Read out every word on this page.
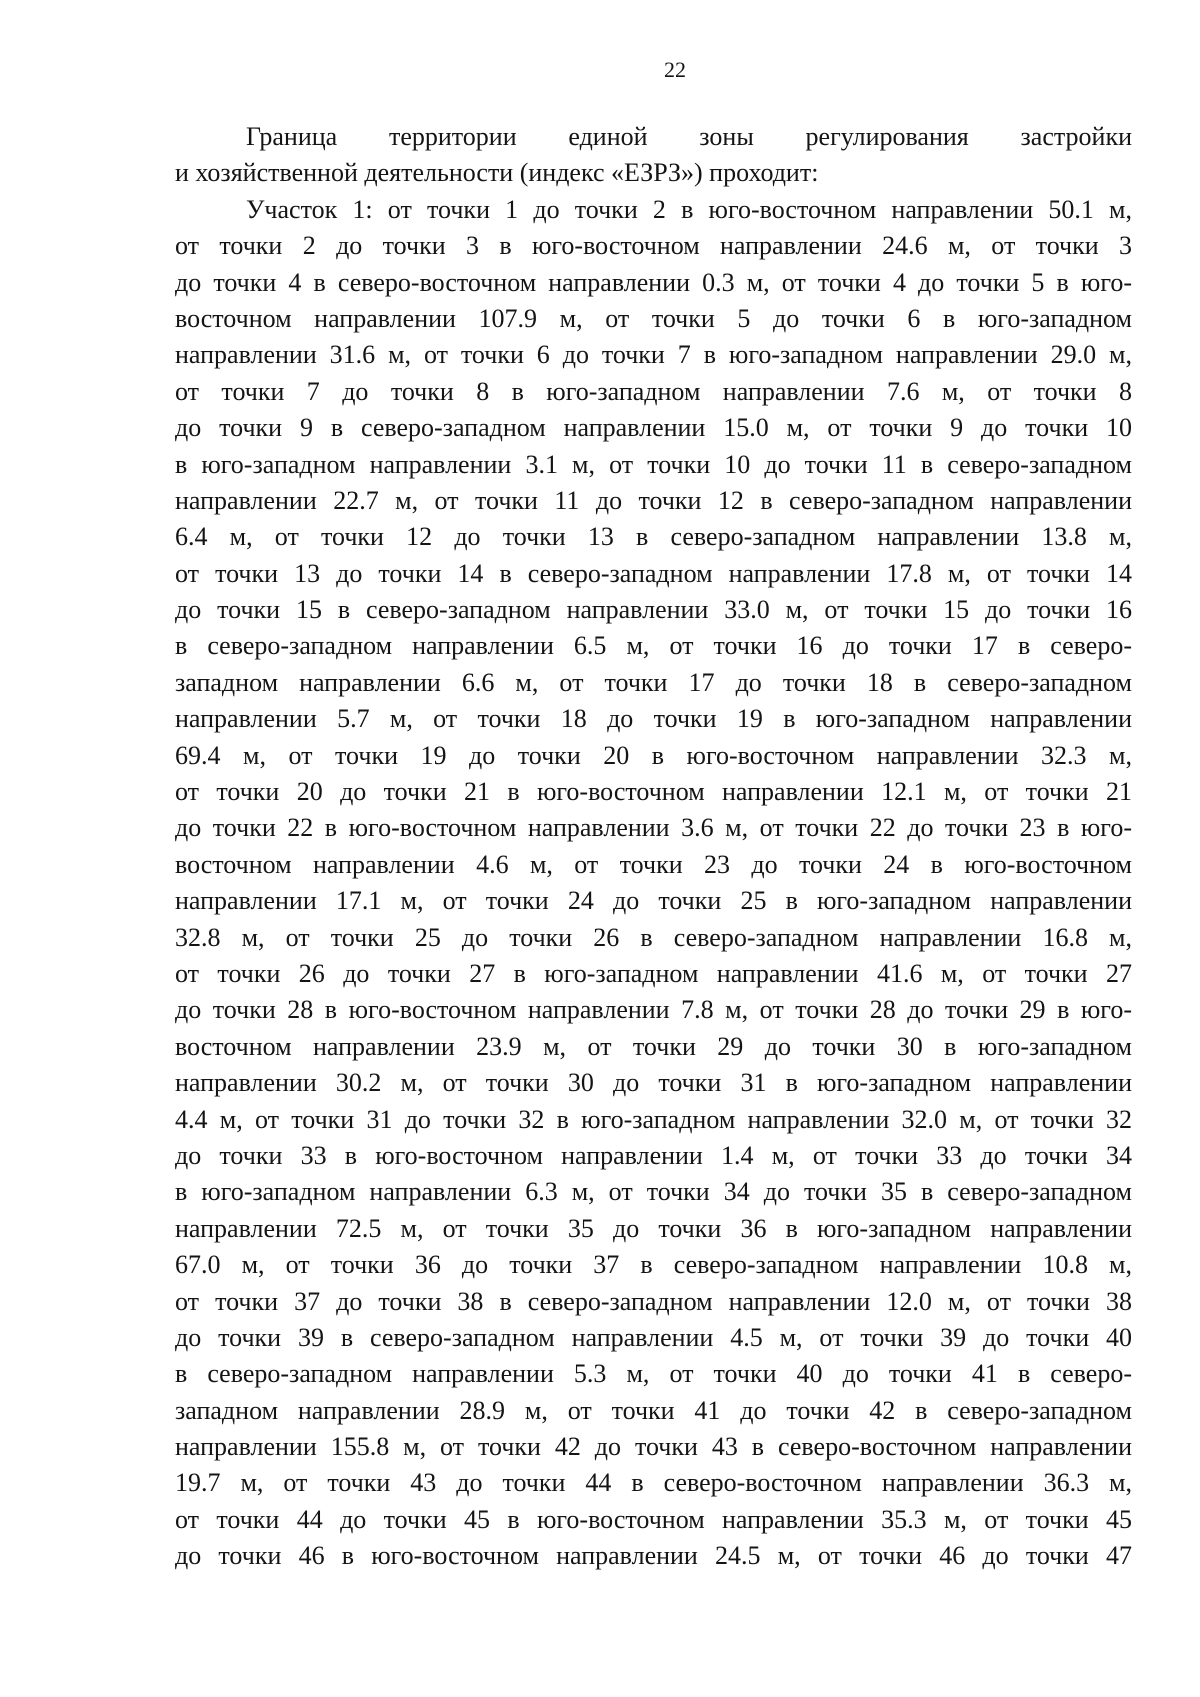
22
Граница территории единой зоны регулирования застройки
и хозяйственной деятельности (индекс «ЕЗРЗ») проходит:
Участок 1: от точки 1 до точки 2 в юго-восточном направлении 50.1 м,
от точки 2 до точки 3 в юго-восточном направлении 24.6 м, от точки 3
до точки 4 в северо-восточном направлении 0.3 м, от точки 4 до точки 5 в юго-
восточном направлении 107.9 м, от точки 5 до точки 6 в юго-западном
направлении 31.6 м, от точки 6 до точки 7 в юго-западном направлении 29.0 м,
от точки 7 до точки 8 в юго-западном направлении 7.6 м, от точки 8
до точки 9 в северо-западном направлении 15.0 м, от точки 9 до точки 10
в юго-западном направлении 3.1 м, от точки 10 до точки 11 в северо-западном
направлении 22.7 м, от точки 11 до точки 12 в северо-западном направлении
6.4 м, от точки 12 до точки 13 в северо-западном направлении 13.8 м,
от точки 13 до точки 14 в северо-западном направлении 17.8 м, от точки 14
до точки 15 в северо-западном направлении 33.0 м, от точки 15 до точки 16
в северо-западном направлении 6.5 м, от точки 16 до точки 17 в северо-
западном направлении 6.6 м, от точки 17 до точки 18 в северо-западном
направлении 5.7 м, от точки 18 до точки 19 в юго-западном направлении
69.4 м, от точки 19 до точки 20 в юго-восточном направлении 32.3 м,
от точки 20 до точки 21 в юго-восточном направлении 12.1 м, от точки 21
до точки 22 в юго-восточном направлении 3.6 м, от точки 22 до точки 23 в юго-
восточном направлении 4.6 м, от точки 23 до точки 24 в юго-восточном
направлении 17.1 м, от точки 24 до точки 25 в юго-западном направлении
32.8 м, от точки 25 до точки 26 в северо-западном направлении 16.8 м,
от точки 26 до точки 27 в юго-западном направлении 41.6 м, от точки 27
до точки 28 в юго-восточном направлении 7.8 м, от точки 28 до точки 29 в юго-
восточном направлении 23.9 м, от точки 29 до точки 30 в юго-западном
направлении 30.2 м, от точки 30 до точки 31 в юго-западном направлении
4.4 м, от точки 31 до точки 32 в юго-западном направлении 32.0 м, от точки 32
до точки 33 в юго-восточном направлении 1.4 м, от точки 33 до точки 34
в юго-западном направлении 6.3 м, от точки 34 до точки 35 в северо-западном
направлении 72.5 м, от точки 35 до точки 36 в юго-западном направлении
67.0 м, от точки 36 до точки 37 в северо-западном направлении 10.8 м,
от точки 37 до точки 38 в северо-западном направлении 12.0 м, от точки 38
до точки 39 в северо-западном направлении 4.5 м, от точки 39 до точки 40
в северо-западном направлении 5.3 м, от точки 40 до точки 41 в северо-
западном направлении 28.9 м, от точки 41 до точки 42 в северо-западном
направлении 155.8 м, от точки 42 до точки 43 в северо-восточном направлении
19.7 м, от точки 43 до точки 44 в северо-восточном направлении 36.3 м,
от точки 44 до точки 45 в юго-восточном направлении 35.3 м, от точки 45
до точки 46 в юго-восточном направлении 24.5 м, от точки 46 до точки 47
